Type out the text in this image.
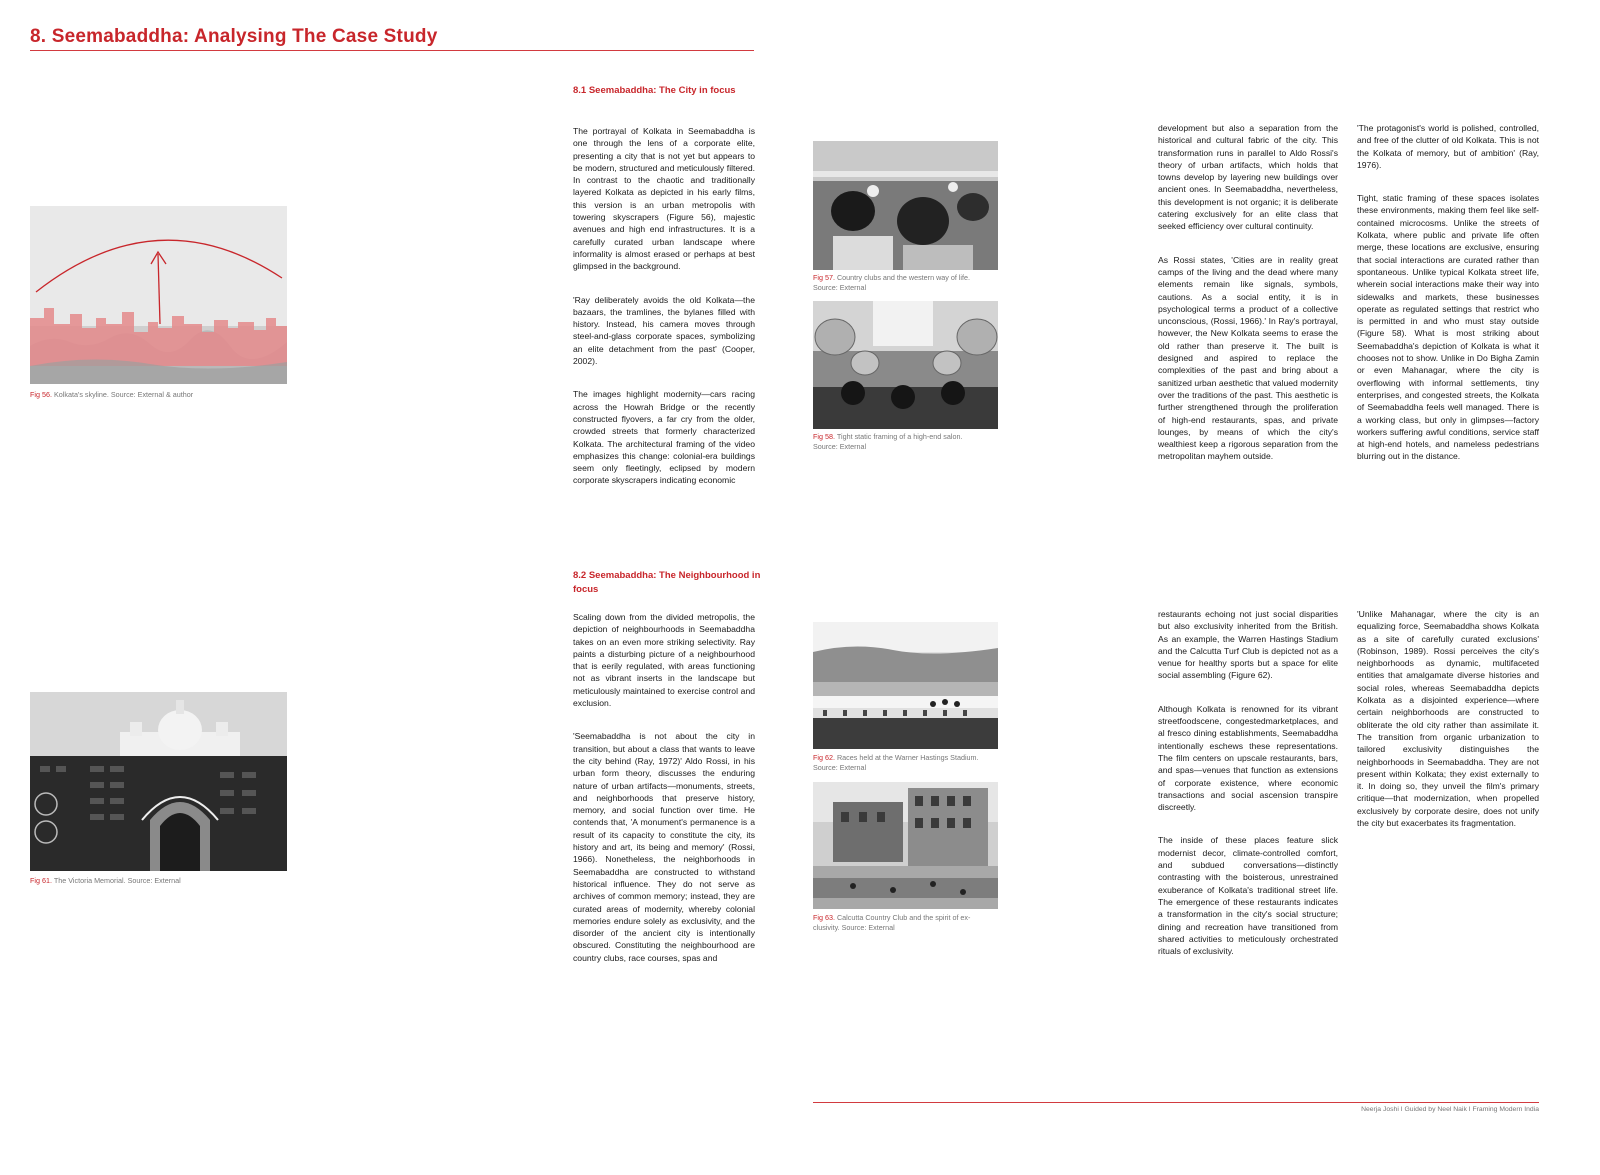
8. Seemabaddha: Analysing The Case Study

Fig 56. Kolkata's skyline. Source: External & author

Fig 61. The Victoria Memorial. Source: External

8.1 Seemabaddha: The City in focus

The portrayal of Kolkata in Seemabaddha is one through the lens of a corporate elite, presenting a city that is not yet but appears to be modern, structured and meticulously filtered. In contrast to the chaotic and traditionally layered Kolkata as depicted in his early films, this version is an urban metropolis with towering skyscrapers (Figure 56), majestic avenues and high end infrastructures. It is a carefully curated urban landscape where informality is almost erased or perhaps at best glimpsed in the background.

'Ray deliberately avoids the old Kolkata—the bazaars, the tramlines, the bylanes filled with history. Instead, his camera moves through steel-and-glass corporate spaces, symbolizing an elite detachment from the past' (Cooper, 2002).

The images highlight modernity—cars racing across the Howrah Bridge or the recently constructed flyovers, a far cry from the older, crowded streets that formerly characterized Kolkata. The architectural framing of the video emphasizes this change: colonial-era buildings seem only fleetingly, eclipsed by modern corporate skyscrapers indicating economic

8.2 Seemabaddha: The Neighbourhood in focus

Scaling down from the divided metropolis, the depiction of neighbourhoods in Seemabaddha takes on an even more striking selectivity. Ray paints a disturbing picture of a neighbourhood that is eerily regulated, with areas functioning not as vibrant inserts in the landscape but meticulously maintained to exercise control and exclusion.

'Seemabaddha is not about the city in transition, but about a class that wants to leave the city behind (Ray, 1972)' Aldo Rossi, in his urban form theory, discusses the enduring nature of urban artifacts—monuments, streets, and neighborhoods that preserve history, memory, and social function over time. He contends that, 'A monument's permanence is a result of its capacity to constitute the city, its history and art, its being and memory' (Rossi, 1966). Nonetheless, the neighborhoods in Seemabaddha are constructed to withstand historical influence. They do not serve as archives of common memory; instead, they are curated areas of modernity, whereby colonial memories endure solely as exclusivity, and the disorder of the ancient city is intentionally obscured. Constituting the neighbourhood are country clubs, race courses, spas and

Fig 57. Country clubs and the western way of life.
Source: External

Fig 58. Tight static framing of a high-end salon.
Source: External

Fig 62. Races held at the Warner Hastings Stadium.
Source: External

Fig 63. Calcutta Country Club and the spirit of ex-
clusivity. Source: External

development but also a separation from the historical and cultural fabric of the city. This transformation runs in parallel to Aldo Rossi's theory of urban artifacts, which holds that towns develop by layering new buildings over ancient ones. In Seemabaddha, nevertheless, this development is not organic; it is deliberate catering exclusively for an elite class that seeked efficiency over cultural continuity.

As Rossi states, 'Cities are in reality great camps of the living and the dead where many elements remain like signals, symbols, cautions. As a social entity, it is in psychological terms a product of a collective unconscious, (Rossi, 1966).' In Ray's portrayal, however, the New Kolkata seems to erase the old rather than preserve it. The built is designed and aspired to replace the complexities of the past and bring about a sanitized urban aesthetic that valued modernity over the traditions of the past. This aesthetic is further strengthened through the proliferation of high-end restaurants, spas, and private lounges, by means of which the city's wealthiest keep a rigorous separation from the metropolitan mayhem outside.

'The protagonist's world is polished, controlled, and free of the clutter of old Kolkata. This is not the Kolkata of memory, but of ambition' (Ray, 1976).

Tight, static framing of these spaces isolates these environments, making them feel like self-contained microcosms. Unlike the streets of Kolkata, where public and private life often merge, these locations are exclusive, ensuring that social interactions are curated rather than spontaneous. Unlike typical Kolkata street life, wherein social interactions make their way into sidewalks and markets, these businesses operate as regulated settings that restrict who is permitted in and who must stay outside (Figure 58). What is most striking about Seemabaddha's depiction of Kolkata is what it chooses not to show. Unlike in Do Bigha Zamin or even Mahanagar, where the city is overflowing with informal settlements, tiny enterprises, and congested streets, the Kolkata of Seemabaddha feels well managed. There is a working class, but only in glimpses—factory workers suffering awful conditions, service staff at high-end hotels, and nameless pedestrians blurring out in the distance.

restaurants echoing not just social disparities but also exclusivity inherited from the British. As an example, the Warren Hastings Stadium and the Calcutta Turf Club is depicted not as a venue for healthy sports but a space for elite social assembling (Figure 62).

Although Kolkata is renowned for its vibrant streetfoodscene, congestedmarketplaces, and al fresco dining establishments, Seemabaddha intentionally eschews these representations. The film centers on upscale restaurants, bars, and spas—venues that function as extensions of corporate existence, where economic transactions and social ascension transpire discreetly.

The inside of these places feature slick modernist decor, climate-controlled comfort, and subdued conversations—distinctly contrasting with the boisterous, unrestrained exuberance of Kolkata's traditional street life. The emergence of these restaurants indicates a transformation in the city's social structure; dining and recreation have transitioned from shared activities to meticulously orchestrated rituals of exclusivity.

'Unlike Mahanagar, where the city is an equalizing force, Seemabaddha shows Kolkata as a site of carefully curated exclusions' (Robinson, 1989). Rossi perceives the city's neighborhoods as dynamic, multifaceted entities that amalgamate diverse histories and social roles, whereas Seemabaddha depicts Kolkata as a disjointed experience—where certain neighborhoods are constructed to obliterate the old city rather than assimilate it. The transition from organic urbanization to tailored exclusivity distinguishes the neighborhoods in Seemabaddha. They are not present within Kolkata; they exist externally to it. In doing so, they unveil the film's primary critique—that modernization, when propelled exclusively by corporate desire, does not unify the city but exacerbates its fragmentation.

Neerja Joshi I Guided by Neel Naik I Framing Modern India
